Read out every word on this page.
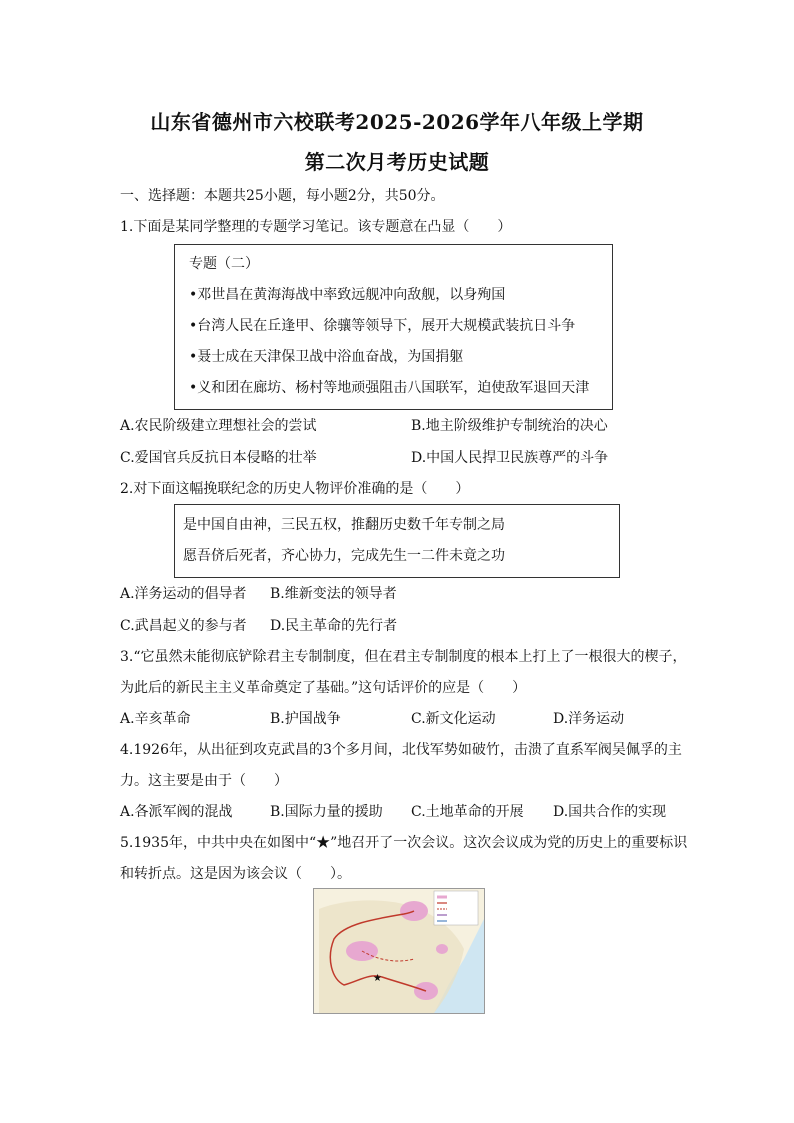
山东省德州市六校联考2025-2026学年八年级上学期
第二次月考历史试题
一、选择题：本题共25小题，每小题2分，共50分。
1.下面是某同学整理的专题学习笔记。该专题意在凸显（　　）
专题（二）
•邓世昌在黄海海战中率致远舰冲向敌舰，以身殉国
•台湾人民在丘逢甲、徐骧等领导下，展开大规模武装抗日斗争
•聂士成在天津保卫战中浴血奋战，为国捐躯
•义和团在廊坊、杨村等地顽强阻击八国联军，迫使敌军退回天津
A.农民阶级建立理想社会的尝试	B.地主阶级维护专制统治的决心
C.爱国官兵反抗日本侵略的壮举	D.中国人民捍卫民族尊严的斗争
2.对下面这幅挽联纪念的历史人物评价准确的是（　　）
是中国自由神，三民五权，推翻历史数千年专制之局
愿吾侪后死者，齐心协力，完成先生一二件未竟之功
A.洋务运动的倡导者 B.维新变法的领导者
C.武昌起义的参与者 D.民主革命的先行者
3.“它虽然未能彻底铲除君主专制制度，但在君主专制制度的根本上打上了一根很大的楔子，
为此后的新民主主义革命奠定了基础。”这句话评价的应是（　　）
A.辛亥革命	B.护国战争	C.新文化运动	D.洋务运动
4.1926年，从出征到攻克武昌的3个多月间，北伐军势如破竹，击溃了直系军阀吴佩孚的主
力。这主要是由于（　　）
A.各派军阀的混战	B.国际力量的援助 C.土地革命的开展 D.国共合作的实现
5.1935年，中共中央在如图中“★”地召开了一次会议。这次会议成为党的历史上的重要标识
和转折点。这是因为该会议（　　）。
★
